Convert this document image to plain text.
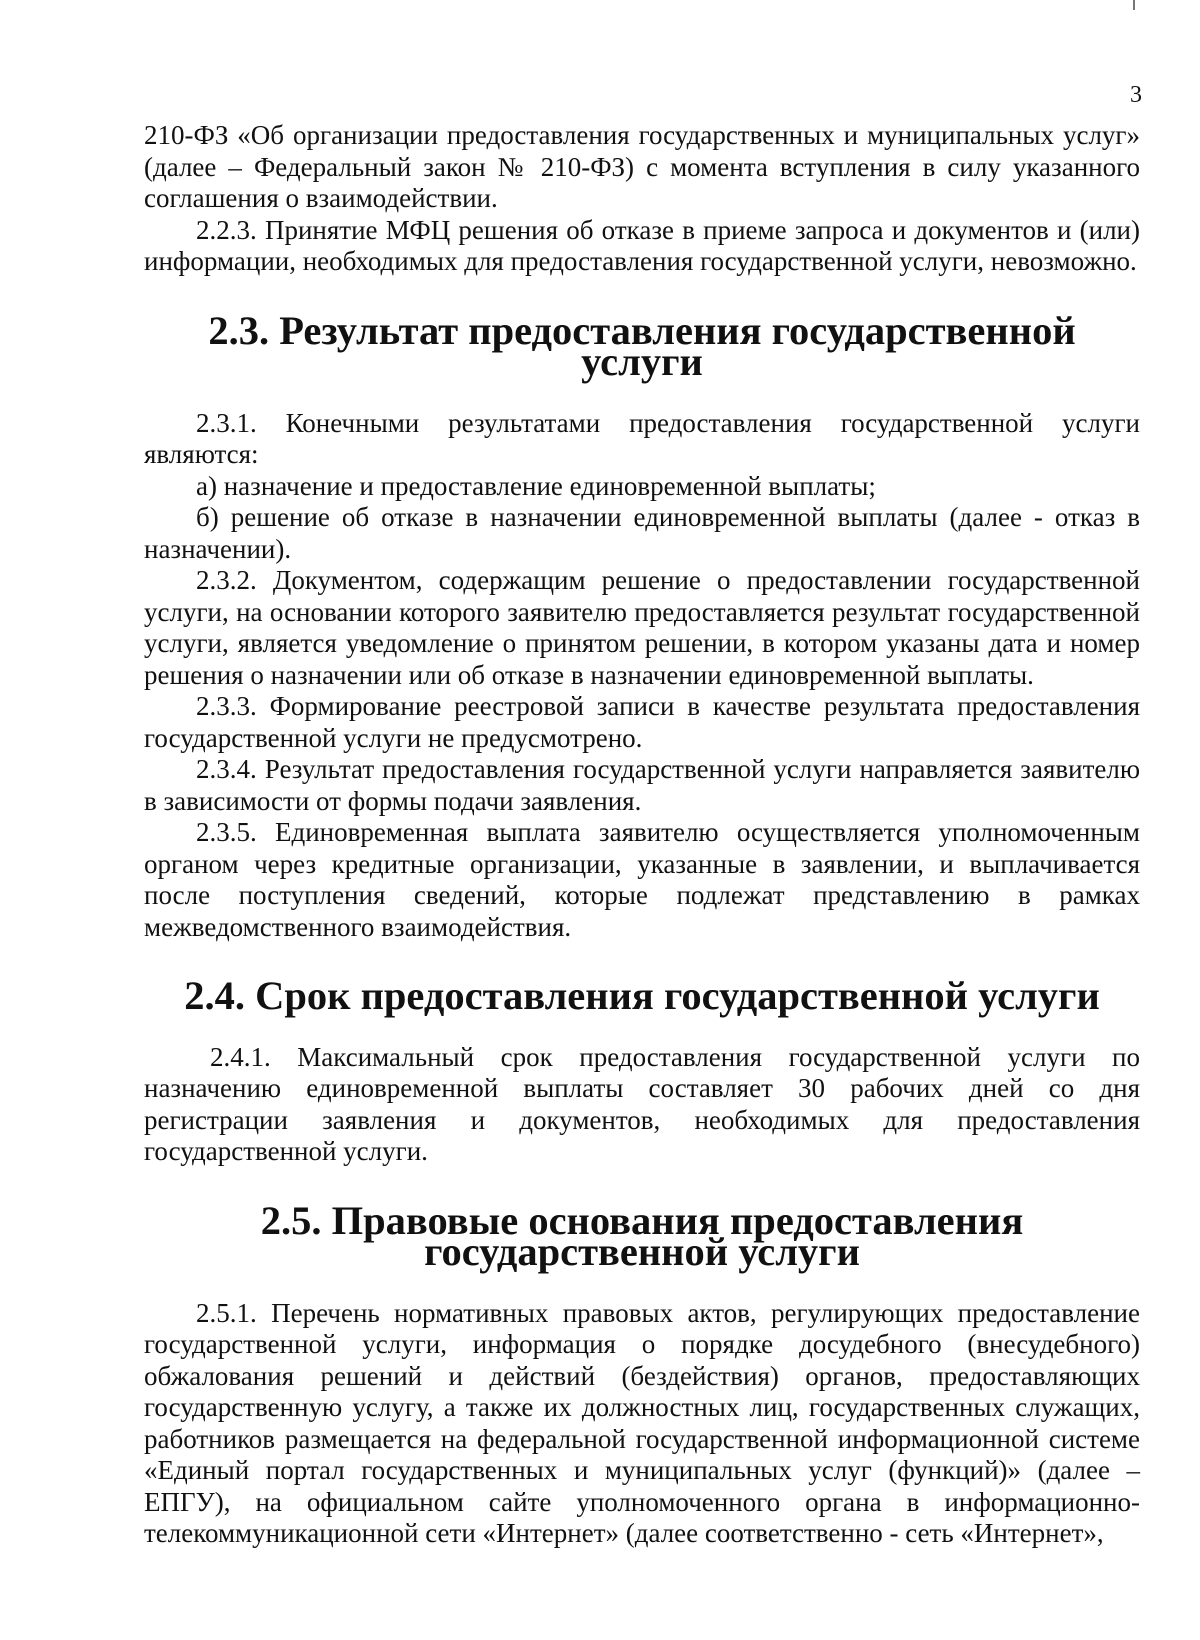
3

210-ФЗ «Об организации предоставления государственных и муниципальных услуг» (далее – Федеральный закон № 210-ФЗ) с момента вступления в силу указанного соглашения о взаимодействии.

2.2.3. Принятие МФЦ решения об отказе в приеме запроса и документов и (или) информации, необходимых для предоставления государственной услуги, невозможно.

2.3. Результат предоставления государственной услуги

2.3.1. Конечными результатами предоставления государственной услуги являются:

а) назначение и предоставление единовременной выплаты;

б) решение об отказе в назначении единовременной выплаты (далее - отказ в назначении).

2.3.2. Документом, содержащим решение о предоставлении государственной услуги, на основании которого заявителю предоставляется результат государственной услуги, является уведомление о принятом решении, в котором указаны дата и номер решения о назначении или об отказе в назначении единовременной выплаты.

2.3.3. Формирование реестровой записи в качестве результата предоставления государственной услуги не предусмотрено.

2.3.4. Результат предоставления государственной услуги направляется заявителю в зависимости от формы подачи заявления.

2.3.5. Единовременная выплата заявителю осуществляется уполномоченным органом через кредитные организации, указанные в заявлении, и выплачивается после поступления сведений, которые подлежат представлению в рамках межведомственного взаимодействия.

2.4. Срок предоставления государственной услуги

2.4.1. Максимальный срок предоставления государственной услуги по назначению единовременной выплаты составляет 30 рабочих дней со дня регистрации заявления и документов, необходимых для предоставления государственной услуги.

2.5. Правовые основания предоставления государственной услуги

2.5.1. Перечень нормативных правовых актов, регулирующих предоставление государственной услуги, информация о порядке досудебного (внесудебного) обжалования решений и действий (бездействия) органов, предоставляющих государственную услугу, а также их должностных лиц, государственных служащих, работников размещается на федеральной государственной информационной системе «Единый портал государственных и муниципальных услуг (функций)» (далее – ЕПГУ), на официальном сайте уполномоченного органа в информационно-телекоммуникационной сети «Интернет» (далее соответственно - сеть «Интернет»,
